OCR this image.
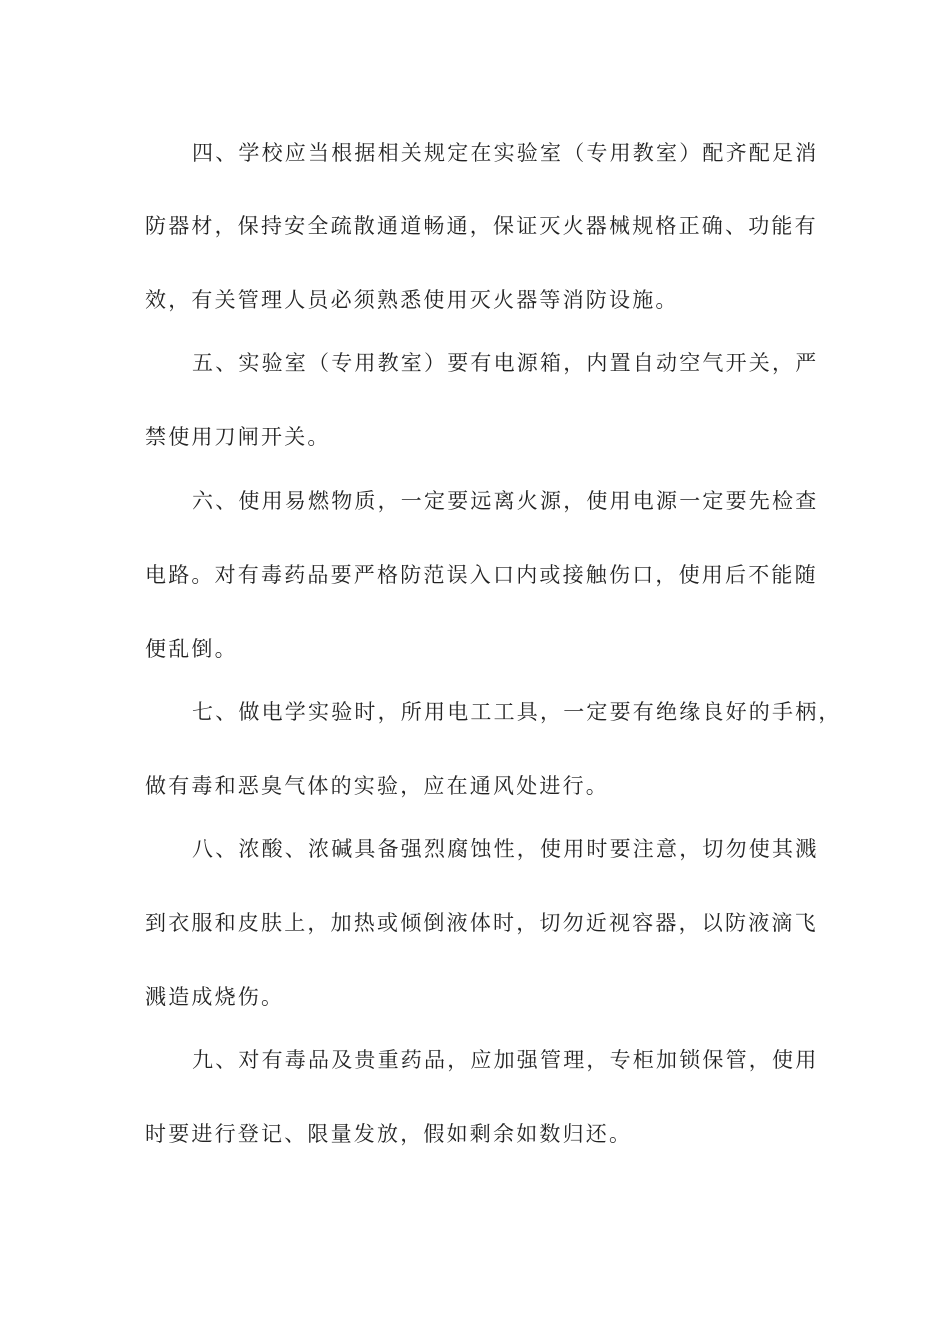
四、学校应当根据相关规定在实验室（专用教室）配齐配足消
防器材，保持安全疏散通道畅通，保证灭火器械规格正确、功能有
效，有关管理人员必须熟悉使用灭火器等消防设施。
五、实验室（专用教室）要有电源箱，内置自动空气开关，严
禁使用刀闸开关。
六、使用易燃物质，一定要远离火源，使用电源一定要先检查
电路。对有毒药品要严格防范误入口内或接触伤口，使用后不能随
便乱倒。
七、做电学实验时，所用电工工具，一定要有绝缘良好的手柄，
做有毒和恶臭气体的实验，应在通风处进行。
八、浓酸、浓碱具备强烈腐蚀性，使用时要注意，切勿使其溅
到衣服和皮肤上，加热或倾倒液体时，切勿近视容器，以防液滴飞
溅造成烧伤。
九、对有毒品及贵重药品，应加强管理，专柜加锁保管，使用
时要进行登记、限量发放，假如剩余如数归还。
